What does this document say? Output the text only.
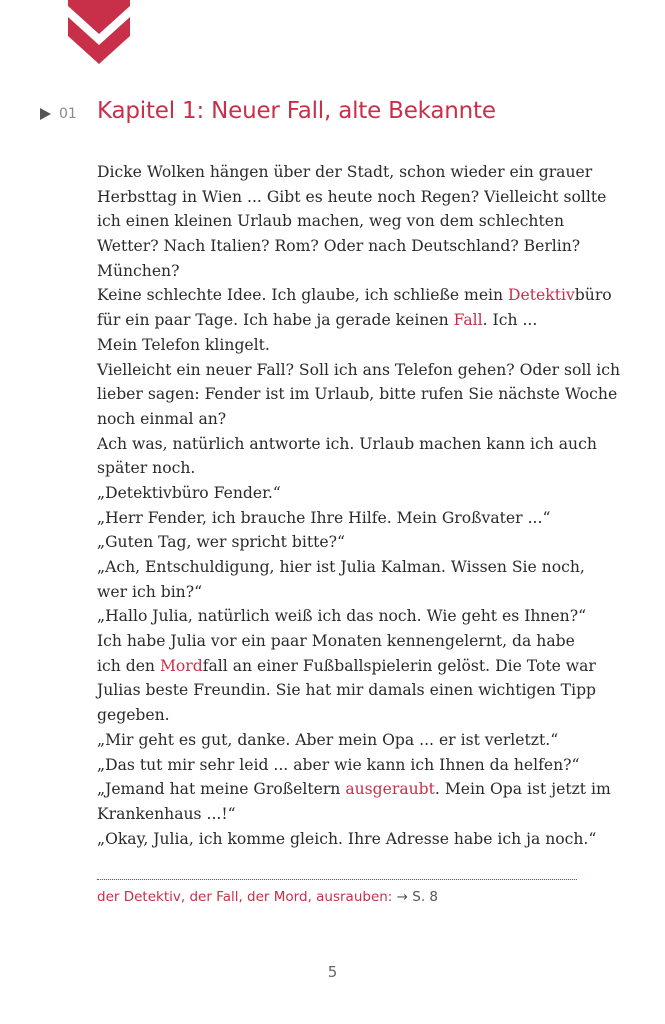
01 Kapitel 1: Neuer Fall, alte Bekannte
Dicke Wolken hängen über der Stadt, schon wieder ein grauer
Herbsttag in Wien ... Gibt es heute noch Regen? Vielleicht sollte
ich einen kleinen Urlaub machen, weg von dem schlechten
Wetter? Nach Italien? Rom? Oder nach Deutschland? Berlin?
München?
Keine schlechte Idee. Ich glaube, ich schließe mein Detektivbüro
für ein paar Tage. Ich habe ja gerade keinen Fall. Ich ...
Mein Telefon klingelt.
Vielleicht ein neuer Fall? Soll ich ans Telefon gehen? Oder soll ich
lieber sagen: Fender ist im Urlaub, bitte rufen Sie nächste Woche
noch einmal an?
Ach was, natürlich antworte ich. Urlaub machen kann ich auch
später noch.
„Detektivbüro Fender.“
„Herr Fender, ich brauche Ihre Hilfe. Mein Großvater ...“
„Guten Tag, wer spricht bitte?“
„Ach, Entschuldigung, hier ist Julia Kalman. Wissen Sie noch,
wer ich bin?“
„Hallo Julia, natürlich weiß ich das noch. Wie geht es Ihnen?“
Ich habe Julia vor ein paar Monaten kennengelernt, da habe
ich den Mordfall an einer Fußballspielerin gelöst. Die Tote war
Julias beste Freundin. Sie hat mir damals einen wichtigen Tipp
gegeben.
„Mir geht es gut, danke. Aber mein Opa ... er ist verletzt.“
„Das tut mir sehr leid ... aber wie kann ich Ihnen da helfen?“
„Jemand hat meine Großeltern ausgeraubt. Mein Opa ist jetzt im
Krankenhaus ...!“
„Okay, Julia, ich komme gleich. Ihre Adresse habe ich ja noch.“
der Detektiv, der Fall, der Mord, ausrauben: → S. 8
5
